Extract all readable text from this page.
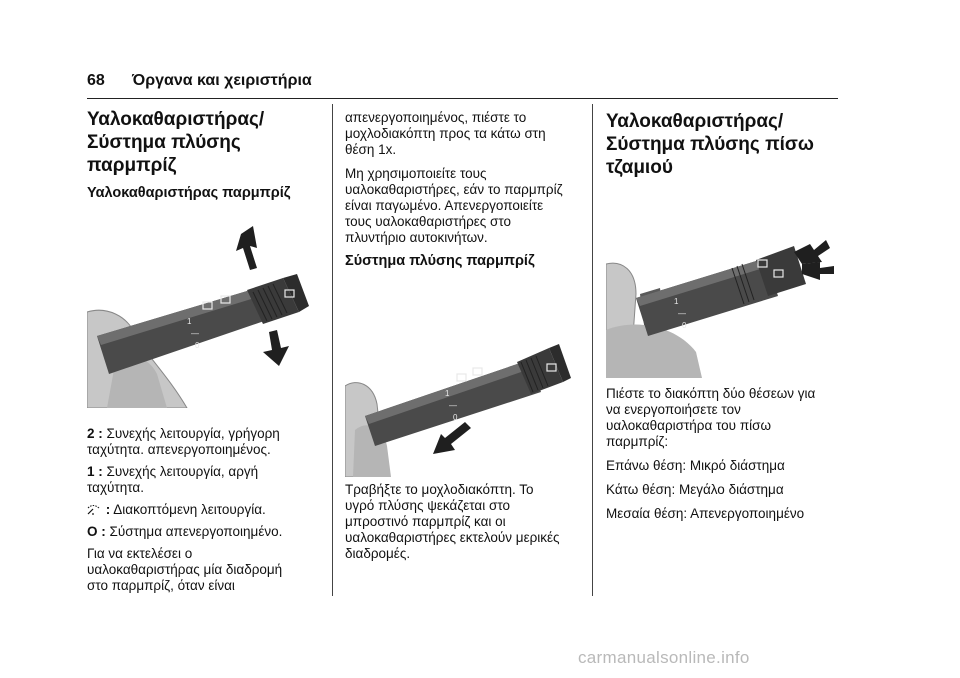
68 Όργανα και χειριστήρια
Υαλοκαθαριστήρας/
Σύστημα πλύσης
παρμπρίζ
Υαλοκαθαριστήρας παρμπρίζ
1
—
0
2 : Συνεχής λειτουργία, γρήγορη
ταχύτητα. απενεργοποιημένος.
1 : Συνεχής λειτουργία, αργή
ταχύτητα.
: Διακοπτόμενη λειτουργία.
O : Σύστημα απενεργοποιημένο.
Για να εκτελέσει ο
υαλοκαθαριστήρας μία διαδρομή
στο παρμπρίζ, όταν είναι
απενεργοποιημένος, πιέστε το
μοχλοδιακόπτη προς τα κάτω στη
θέση 1x.
Μη χρησιμοποιείτε τους
υαλοκαθαριστήρες, εάν το παρμπρίζ
είναι παγωμένο. Απενεργοποιείτε
τους υαλοκαθαριστήρες στο
πλυντήριο αυτοκινήτων.
Σύστημα πλύσης παρμπρίζ
1
—
0
Τραβήξτε το μοχλοδιακόπτη. Το
υγρό πλύσης ψεκάζεται στο
μπροστινό παρμπρίζ και οι
υαλοκαθαριστήρες εκτελούν μερικές
διαδρομές.
Υαλοκαθαριστήρας/
Σύστημα πλύσης πίσω
τζαμιού
1
—
0
Πιέστε το διακόπτη δύο θέσεων για
να ενεργοποιήσετε τον
υαλοκαθαριστήρα του πίσω
παρμπρίζ:
Επάνω θέση: Μικρό διάστημα
Κάτω θέση: Μεγάλο διάστημα
Μεσαία θέση: Απενεργοποιημένο
carmanualsonline.info
